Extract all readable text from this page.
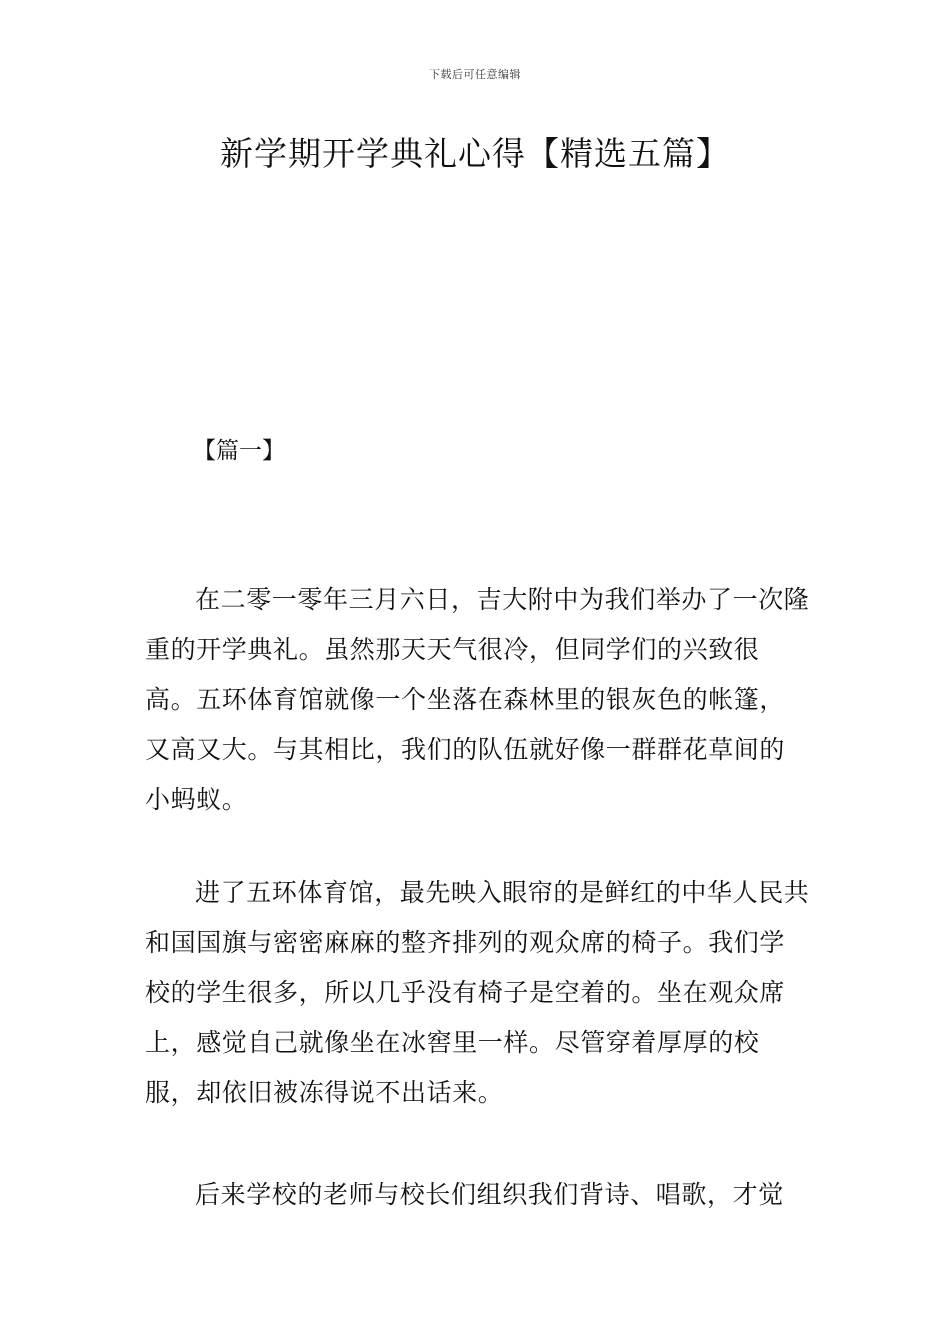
下载后可任意编辑
新学期开学典礼心得【精选五篇】
【篇一】

在二零一零年三月六日，吉大附中为我们举办了一次隆重的开学典礼。虽然那天天气很冷，但同学们的兴致很高。五环体育馆就像一个坐落在森林里的银灰色的帐篷，又高又大。与其相比，我们的队伍就好像一群群花草间的小蚂蚁。

进了五环体育馆，最先映入眼帘的是鲜红的中华人民共和国国旗与密密麻麻的整齐排列的观众席的椅子。我们学校的学生很多，所以几乎没有椅子是空着的。坐在观众席上，感觉自己就像坐在冰窖里一样。尽管穿着厚厚的校服，却依旧被冻得说不出话来。

后来学校的老师与校长们组织我们背诗、唱歌，才觉
